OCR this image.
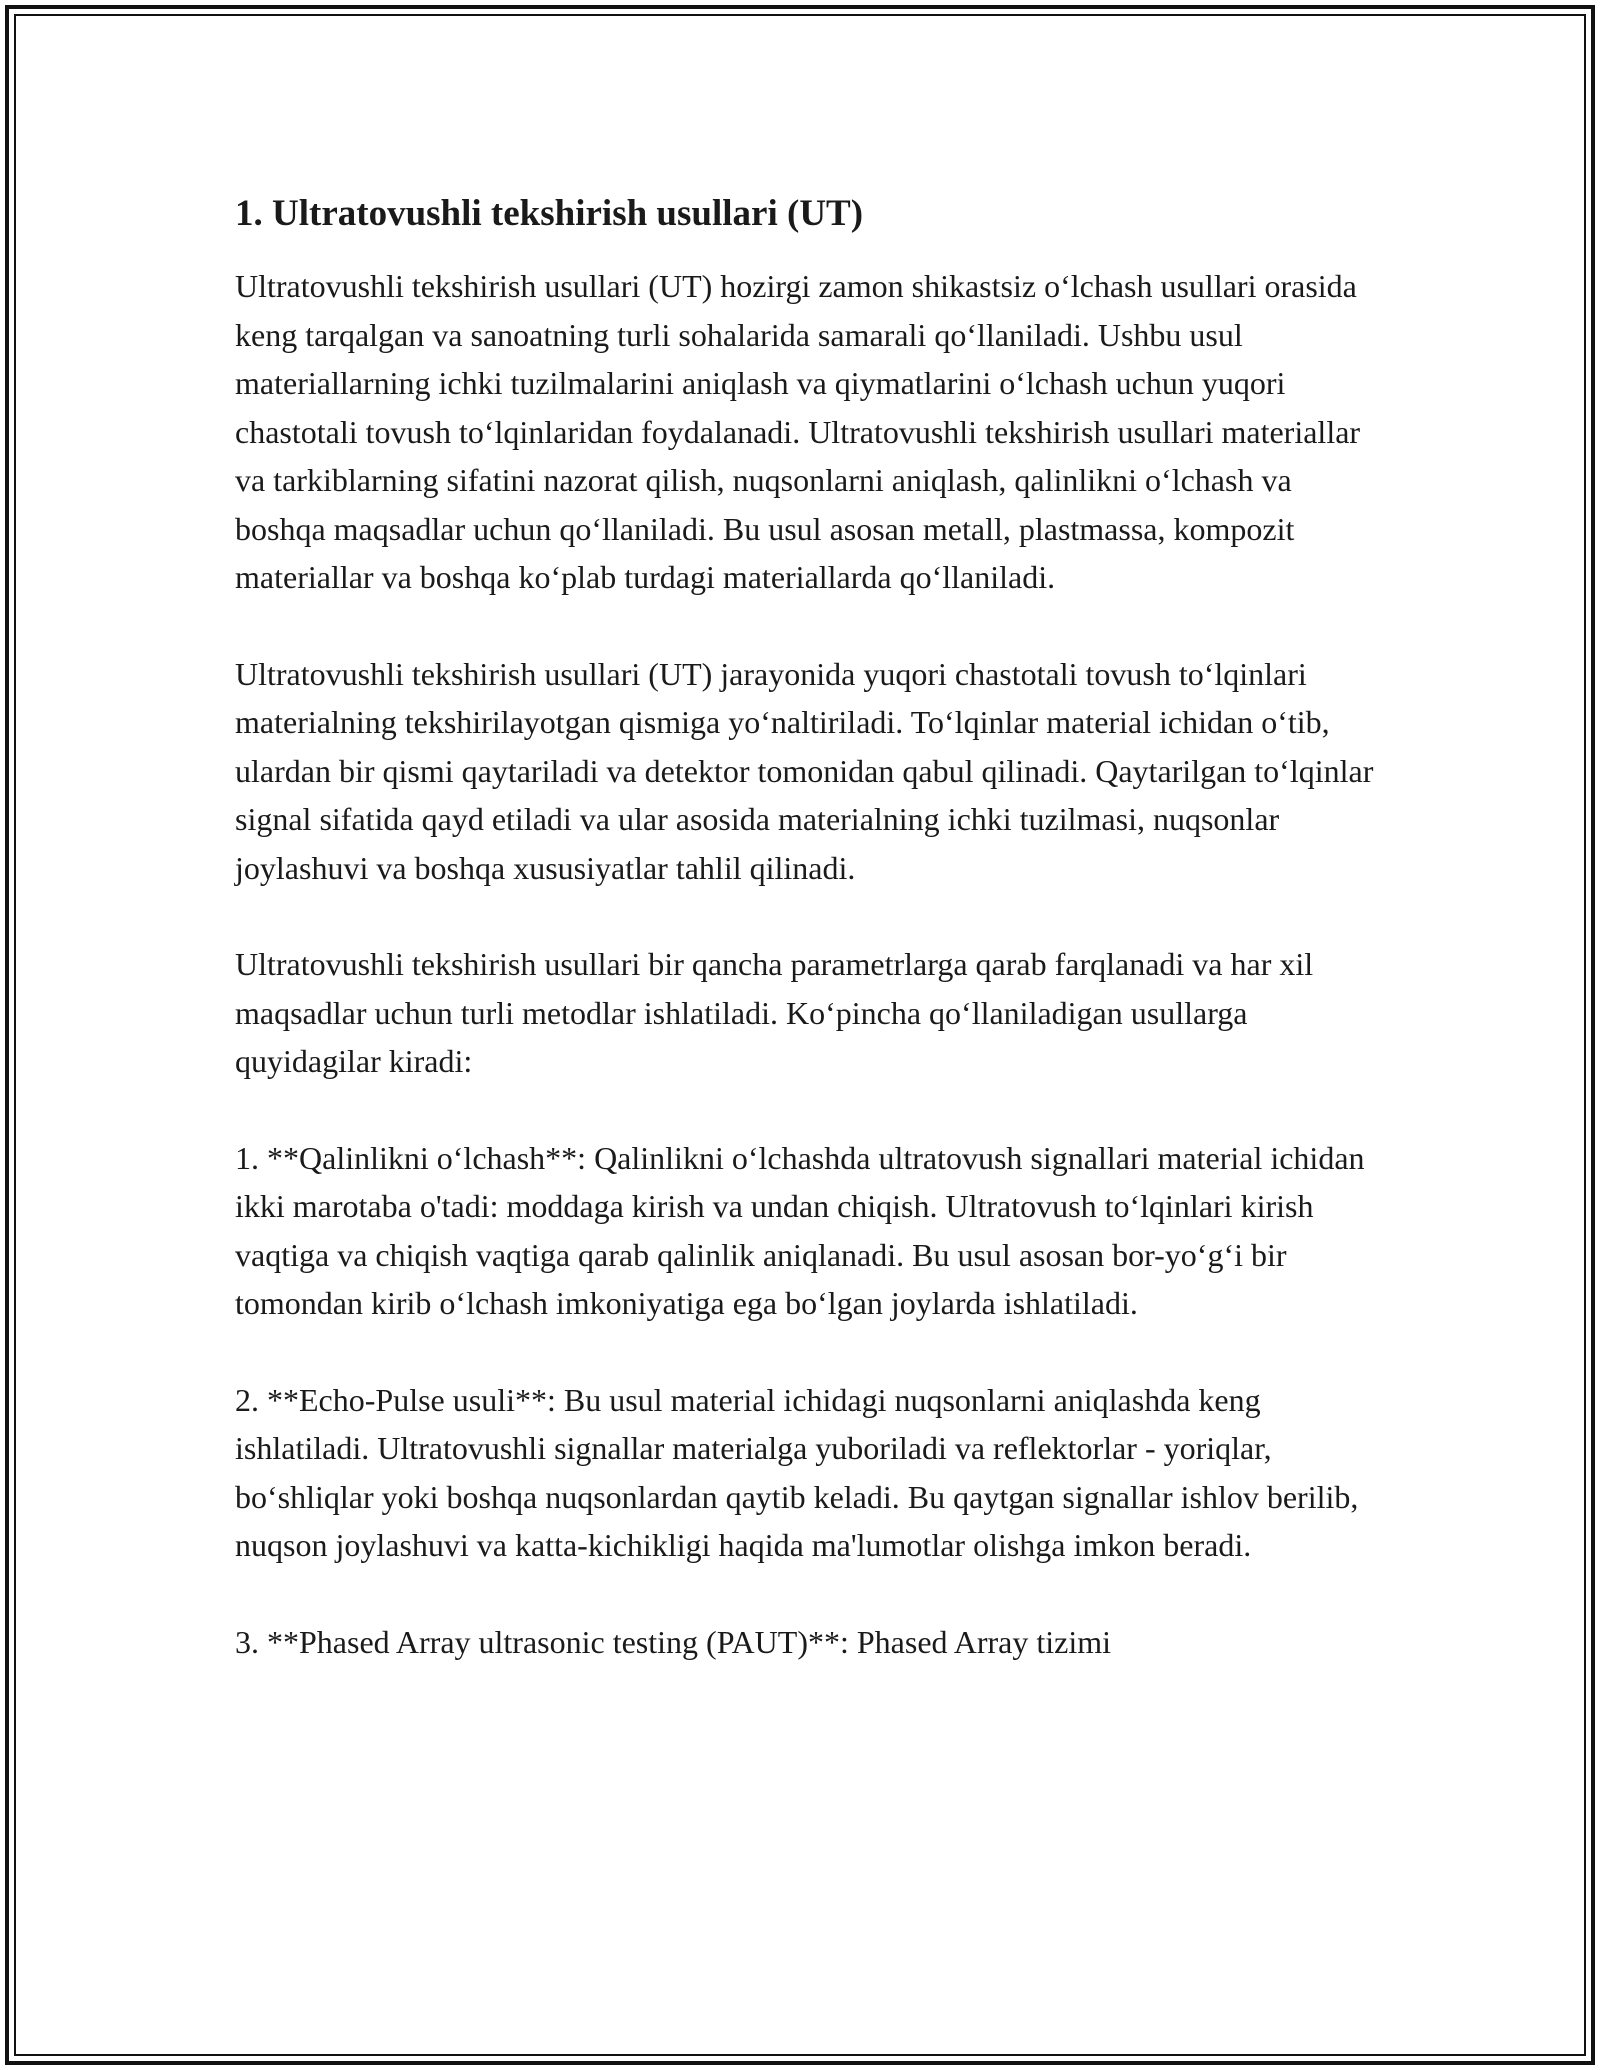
1. Ultratovushli tekshirish usullari (UT)

Ultratovushli tekshirish usullari (UT) hozirgi zamon shikastsiz o‘lchash usullari orasida keng tarqalgan va sanoatning turli sohalarida samarali qo‘llaniladi. Ushbu usul materiallarning ichki tuzilmalarini aniqlash va qiymatlarini o‘lchash uchun yuqori chastotali tovush to‘lqinlaridan foydalanadi. Ultratovushli tekshirish usullari materiallar va tarkiblarning sifatini nazorat qilish, nuqsonlarni aniqlash, qalinlikni o‘lchash va boshqa maqsadlar uchun qo‘llaniladi. Bu usul asosan metall, plastmassa, kompozit materiallar va boshqa ko‘plab turdagi materiallarda qo‘llaniladi.

Ultratovushli tekshirish usullari (UT) jarayonida yuqori chastotali tovush to‘lqinlari materialning tekshirilayotgan qismiga yo‘naltiriladi. To‘lqinlar material ichidan o‘tib, ulardan bir qismi qaytariladi va detektor tomonidan qabul qilinadi. Qaytarilgan to‘lqinlar signal sifatida qayd etiladi va ular asosida materialning ichki tuzilmasi, nuqsonlar joylashuvi va boshqa xususiyatlar tahlil qilinadi.

Ultratovushli tekshirish usullari bir qancha parametrlarga qarab farqlanadi va har xil maqsadlar uchun turli metodlar ishlatiladi. Ko‘pincha qo‘llaniladigan usullarga quyidagilar kiradi:

1. **Qalinlikni o‘lchash**: Qalinlikni o‘lchashda ultratovush signallari material ichidan ikki marotaba o'tadi: moddaga kirish va undan chiqish. Ultratovush to‘lqinlari kirish vaqtiga va chiqish vaqtiga qarab qalinlik aniqlanadi. Bu usul asosan bor-yo‘g‘i bir tomondan kirib o‘lchash imkoniyatiga ega bo‘lgan joylarda ishlatiladi.

2. **Echo-Pulse usuli**: Bu usul material ichidagi nuqsonlarni aniqlashda keng ishlatiladi. Ultratovushli signallar materialga yuboriladi va reflektorlar - yoriqlar, bo‘shliqlar yoki boshqa nuqsonlardan qaytib keladi. Bu qaytgan signallar ishlov berilib, nuqson joylashuvi va katta-kichikligi haqida ma'lumotlar olishga imkon beradi.

3. **Phased Array ultrasonic testing (PAUT)**: Phased Array tizimi
